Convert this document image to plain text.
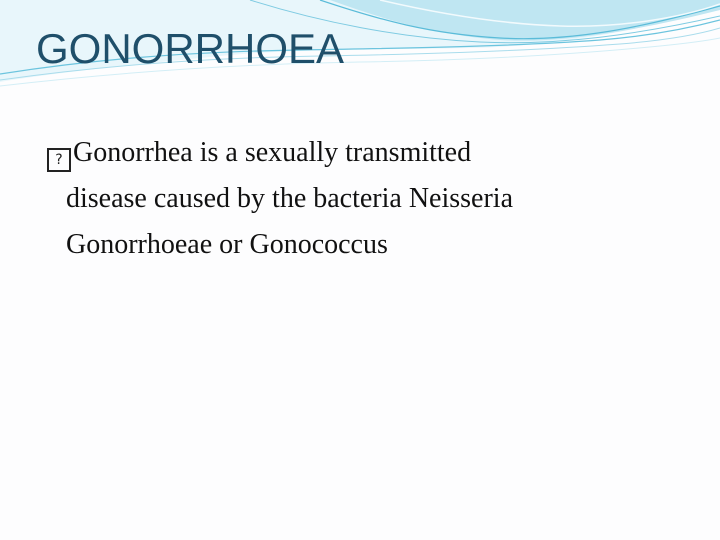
GONORRHOEA

?Gonorrhea is a sexually transmitted
disease caused by the bacteria Neisseria
Gonorrhoeae or Gonococcus
